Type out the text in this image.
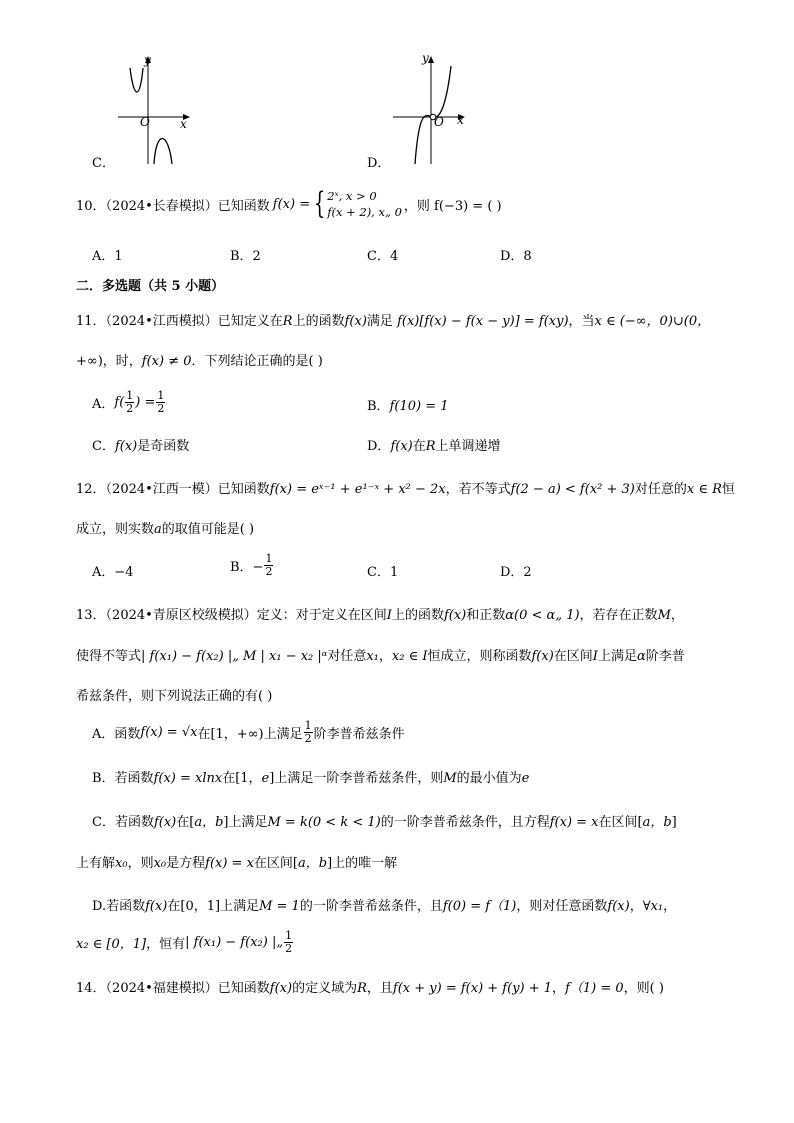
y
x
O
C．
y
x
O
D．
10．（2024•长春模拟）已知函数 f(x) = { 2ˣ, x > 0
f(x + 2), x„ 0 ，则 f(−3) = ( )
A．1	B．2	C．4	D．8
二．多选题（共 5 小题）
11．（2024•江西模拟）已知定义在R上的函数f(x)满足 f(x)[f(x) − f(x − y)] = f(xy)，当x ∈ (−∞，0)∪(0，
+∞)，时，f(x) ≠ 0．下列结论正确的是( )
A． $f( \frac{1}{2}$ ) = $\frac{1}{2}$	B．f(10) = 1
C．f(x)是奇函数	D．f(x)在R上单调递增
12．（2024•江西一模）已知函数f(x) = eˣ⁻¹ + e¹⁻ˣ + x² − 2x，若不等式f(2 − a) < f(x² + 3)对任意的x ∈ R恒
成立，则实数a的取值可能是( )
A．−4	B．− $\frac{1}{2}$	C．1	D．2
13．（2024•青原区校级模拟）定义：对于定义在区间I上的函数f(x)和正数α(0 < α„ 1)，若存在正数M，
使得不等式| f(x₁) − f(x₂) |„ M | x₁ − x₂ |ᵅ对任意x₁，x₂ ∈ I恒成立，则称函数f(x)在区间I上满足α阶李普
希兹条件，则下列说法正确的有( )
A．函数 f(x) = √x 在[1，+∞)上满足 $\frac{1}{2}$ 阶李普希兹条件
B．若函数f(x) = xlnx在[1，e]上满足一阶李普希兹条件，则M的最小值为e
C．若函数f(x)在[a，b]上满足M = k(0 < k < 1)的一阶李普希兹条件，且方程f(x) = x在区间[a，b]
上有解x₀，则x₀是方程f(x) = x在区间[a，b]上的唯一解
D.若函数f(x)在[0，1]上满足M = 1的一阶李普希兹条件，且f(0) = f（1)，则对任意函数f(x)，∀x₁，
x₂ ∈ [0，1] ，恒有 | f(x₁) − f(x₂) |„ $\frac{1}{2}$
14．（2024•福建模拟）已知函数f(x)的定义域为R，且f(x + y) = f(x) + f(y) + 1，f（1) = 0，则( )
